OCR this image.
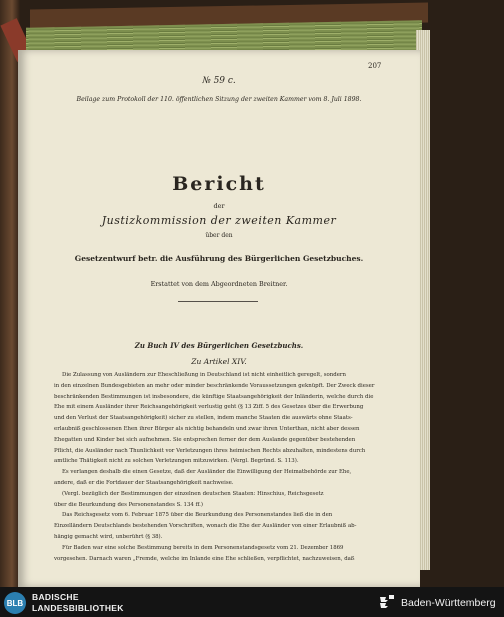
207
№ 59 c.
Beilage zum Protokoll der 110. öffentlichen Sitzung der zweiten Kammer vom 8. Juli 1898.
Bericht
der
Justizkommission der zweiten Kammer
über den
Gesetzentwurf betr. die Ausführung des Bürgerlichen Gesetzbuches.
Erstattet von dem Abgeordneten Breitner.
Zu Buch IV des Bürgerlichen Gesetzbuchs.
Zu Artikel XIV.
Die Zulassung von Ausländern zur Eheschließung in Deutschland ist nicht einheitlich geregelt, sondern
in den einzelnen Bundesgebieten an mehr oder minder beschränkende Voraussetzungen geknüpft. Der Zweck dieser
beschränkenden Bestimmungen ist insbesondere, die künftige Staatsangehörigkeit der Inländerin, welche durch die
Ehe mit einem Ausländer ihrer Reichsangehörigkeit verlustig geht (§ 13 Ziff. 5 des Gesetzes über die Erwerbung
und den Verlust der Staatsangehörigkeit) sicher zu stellen, indem manche Staaten die auswärts ohne Staats-
erlaubniß geschlossenen Ehen ihrer Bürger als nichtig behandeln und zwar ihren Unterthan, nicht aber dessen
Ehegatten und Kinder bei sich aufnehmen. Sie entsprechen ferner der dem Auslande gegenüber bestehenden
Pflicht, die Ausländer nach Thunlichkeit vor Verletzungen ihres heimischen Rechts abzuhalten, mindestens durch
amtliche Thätigkeit nicht zu solchen Verletzungen mitzuwirken. (Vergl. Begründ. S. 113).
Es verlangen deshalb die einen Gesetze, daß der Ausländer die Einwilligung der Heimatbehörde zur Ehe,
andere, daß er die Fortdauer der Staatsangehörigkeit nachweise.
(Vergl. bezüglich der Bestimmungen der einzelnen deutschen Staaten: Hinschius, Reichsgesetz
über die Beurkundung des Personenstandes S. 134 ff.)
Das Reichsgesetz vom 6. Februar 1875 über die Beurkundung des Personenstandes ließ die in den
Einzelländern Deutschlands bestehenden Vorschriften, wonach die Ehe der Ausländer von einer Erlaubniß ab-
hängig gemacht wird, unberührt (§ 38).
Für Baden war eine solche Bestimmung bereits in dem Personenstandsgesetz vom 21. Dezember 1869
vorgesehen. Darnach waren „Fremde, welche im Inlande eine Ehe schließen, verpflichtet, nachzuweisen, daß
BLB
BADISCHE
LANDESBIBLIOTHEK	Baden-Württemberg
